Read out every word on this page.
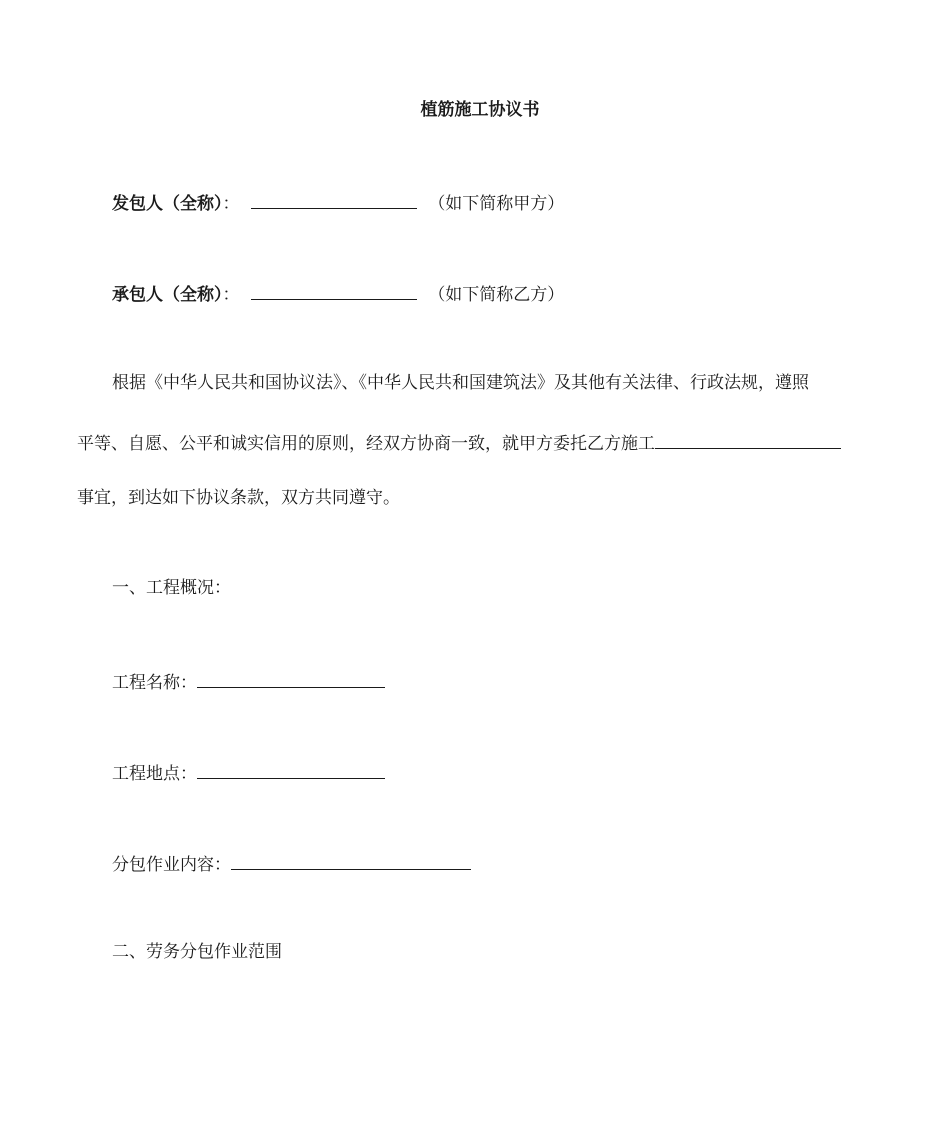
植筋施工协议书
发包人（全称）：	（如下简称甲方）
承包人（全称）：	（如下简称乙方）
根据《中华人民共和国协议法》、《中华人民共和国建筑法》及其他有关法律、行政法规，遵照
平等、自愿、公平和诚实信用的原则，经双方协商一致，就甲方委托乙方施工
事宜，到达如下协议条款，双方共同遵守。
一、工程概况：
工程名称：
工程地点：
分包作业内容：
二、劳务分包作业范围
